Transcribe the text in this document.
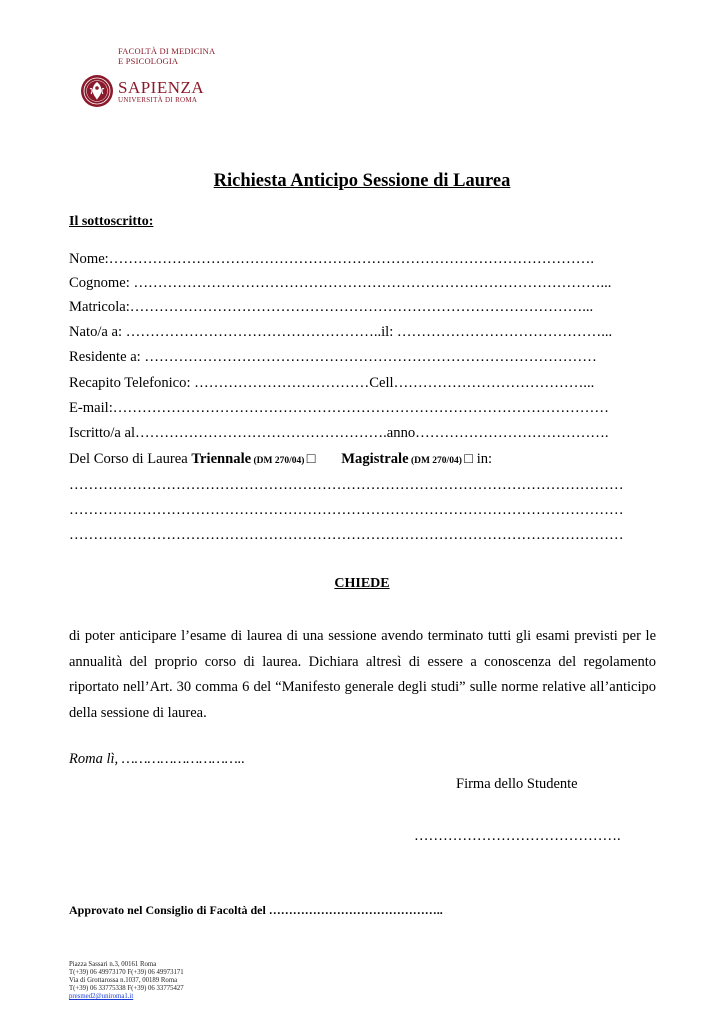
FACOLTÀ DI MEDICINA
E PSICOLOGIA
SAPIENZA
UNIVERSITÀ DI ROMA
Richiesta Anticipo Sessione di Laurea
Il sottoscritto:
Nome:……………………………………………………………………………………….
Cognome: ……………………………………………………………………………………...
Matricola:…………………………………………………………………………………...
Nato/a a: ……………………………………………..il: ……………………………………...
Residente a: …………………………………………………………………………………
Recapito Telefonico: ………………………………Cell…………………………………...
E-mail:…………………………………………………………………………………………
Iscritto/a al…………………………………………….anno………………………………….
Del Corso di Laurea Triennale (DM 270/04) □ Magistrale (DM 270/04) □ in:
……………………………………………………………………………………………………
……………………………………………………………………………………………………
……………………………………………………………………………………………………
CHIEDE
di poter anticipare l’esame di laurea di una sessione avendo terminato tutti gli esami previsti per le
annualità del proprio corso di laurea. Dichiara altresì di essere a conoscenza del regolamento
riportato nell’Art. 30 comma 6 del “Manifesto generale degli studi” sulle norme relative all’anticipo
della sessione di laurea.
Roma lì, ………………………..
Firma dello Studente
…………………………………….
Approvato nel Consiglio di Facoltà del ……………………………………..
Piazza Sassari n.3, 00161 Roma
T(+39) 06 49973170 F(+39) 06 49973171
Via di Grottarossa n.1037, 00189 Roma
T(+39) 06 33775338 F(+39) 06 33775427
presmed2@uniroma1.it
